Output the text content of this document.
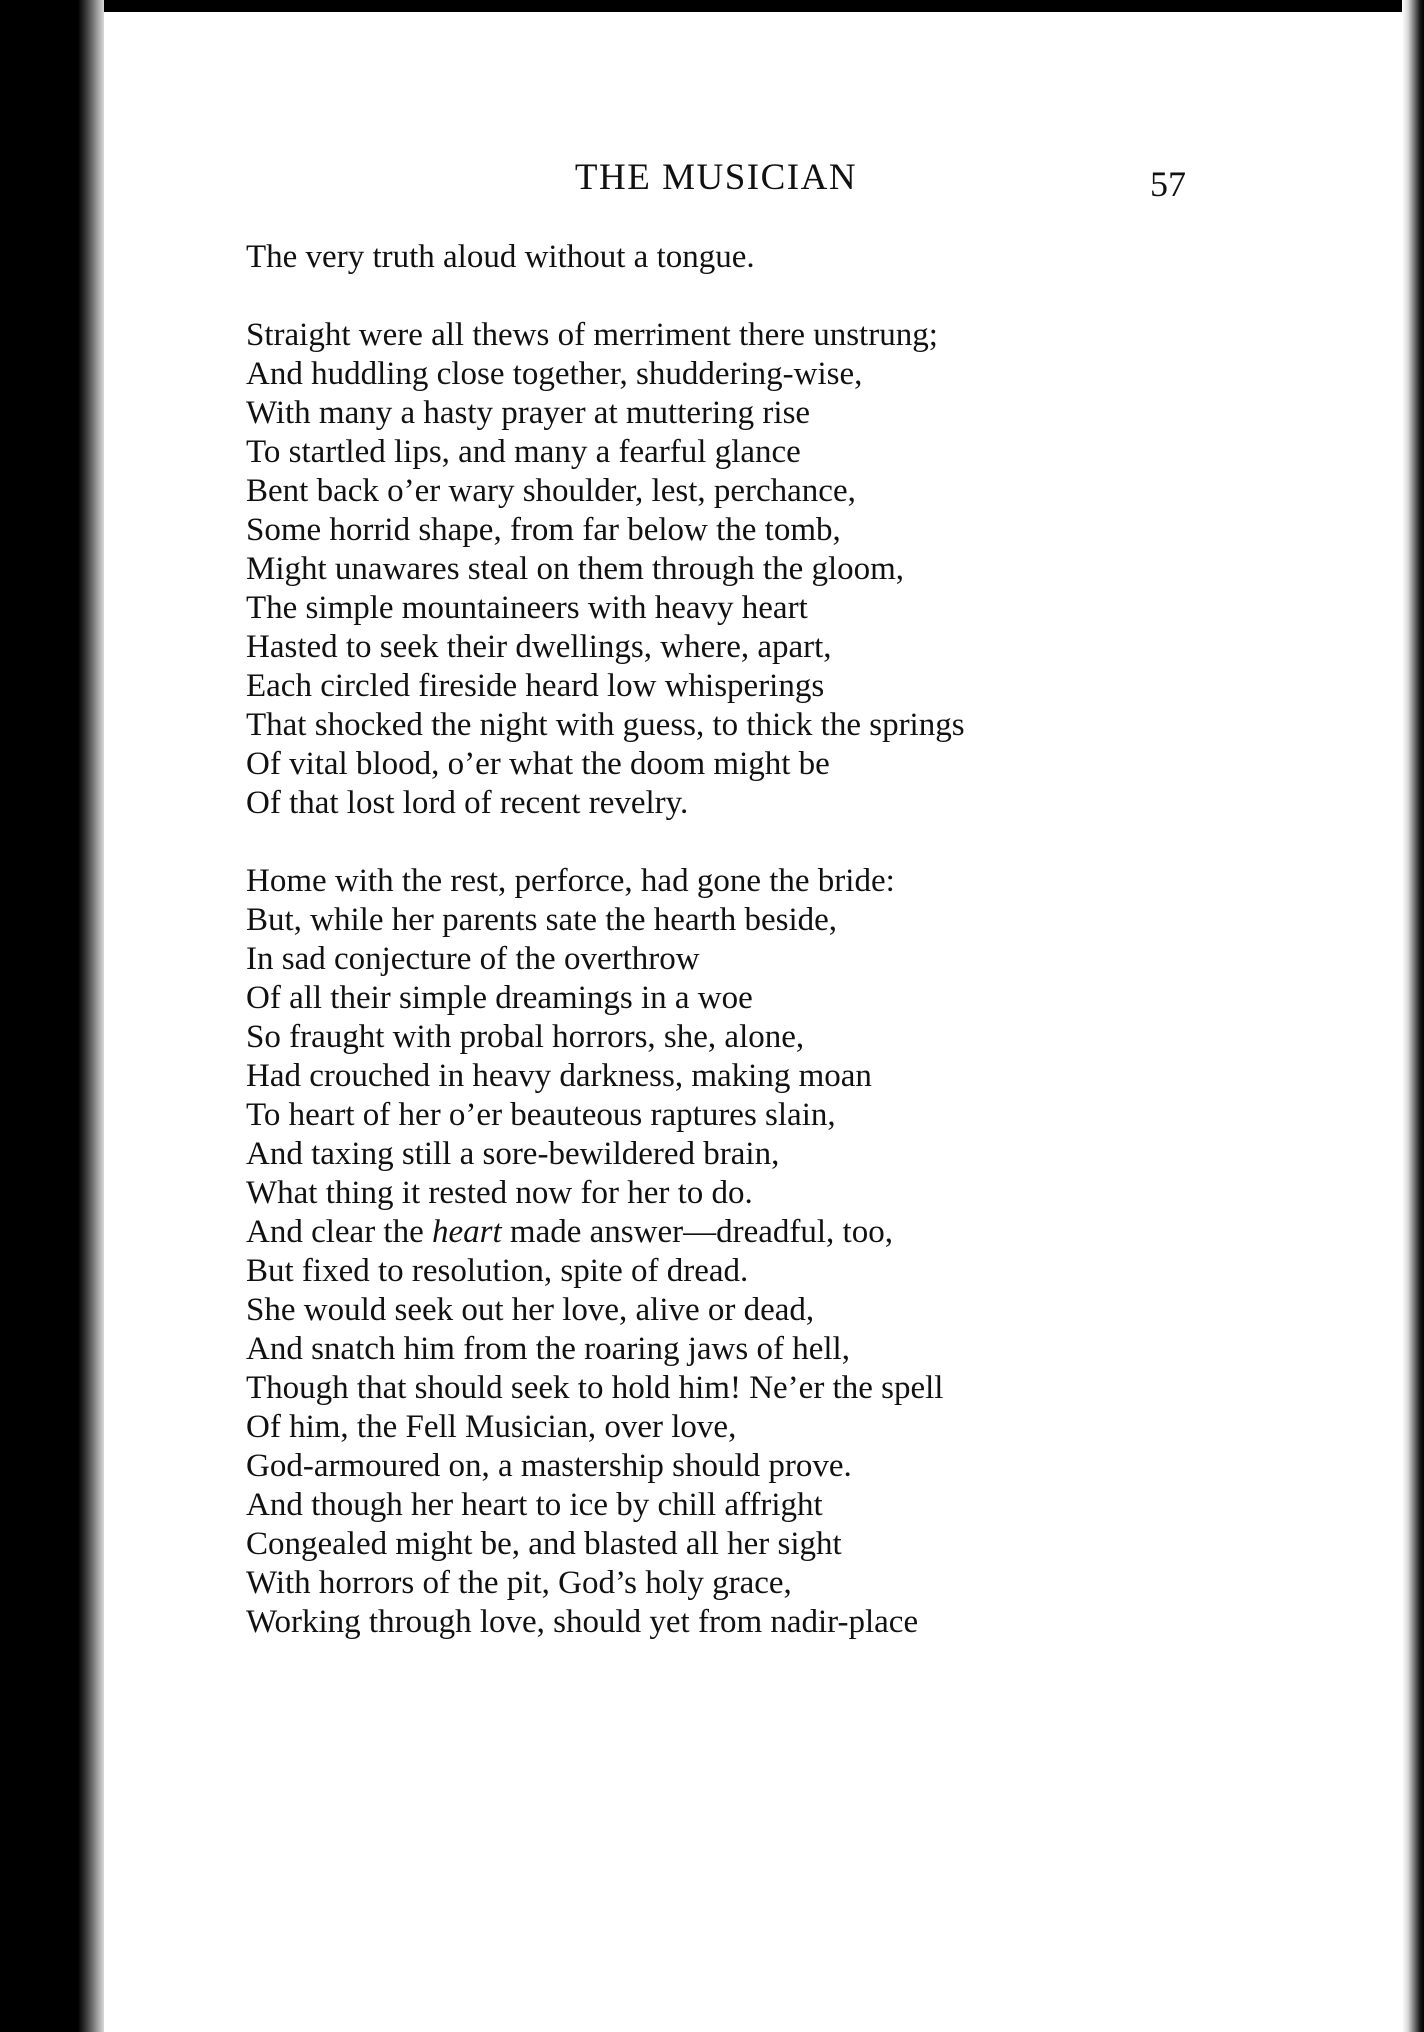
THE MUSICIAN	57
The very truth aloud without a tongue.
Straight were all thews of merriment there unstrung;
And huddling close together, shuddering-wise,
With many a hasty prayer at muttering rise
To startled lips, and many a fearful glance
Bent back o’er wary shoulder, lest, perchance,
Some horrid shape, from far below the tomb,
Might unawares steal on them through the gloom,
The simple mountaineers with heavy heart
Hasted to seek their dwellings, where, apart,
Each circled fireside heard low whisperings
That shocked the night with guess, to thick the springs
Of vital blood, o’er what the doom might be
Of that lost lord of recent revelry.
Home with the rest, perforce, had gone the bride:
But, while her parents sate the hearth beside,
In sad conjecture of the overthrow
Of all their simple dreamings in a woe
So fraught with probal horrors, she, alone,
Had crouched in heavy darkness, making moan
To heart of her o’er beauteous raptures slain,
And taxing still a sore-bewildered brain,
What thing it rested now for her to do.
And clear the heart made answer—dreadful, too,
But fixed to resolution, spite of dread.
She would seek out her love, alive or dead,
And snatch him from the roaring jaws of hell,
Though that should seek to hold him! Ne’er the spell
Of him, the Fell Musician, over love,
God-armoured on, a mastership should prove.
And though her heart to ice by chill affright
Congealed might be, and blasted all her sight
With horrors of the pit, God’s holy grace,
Working through love, should yet from nadir-place
